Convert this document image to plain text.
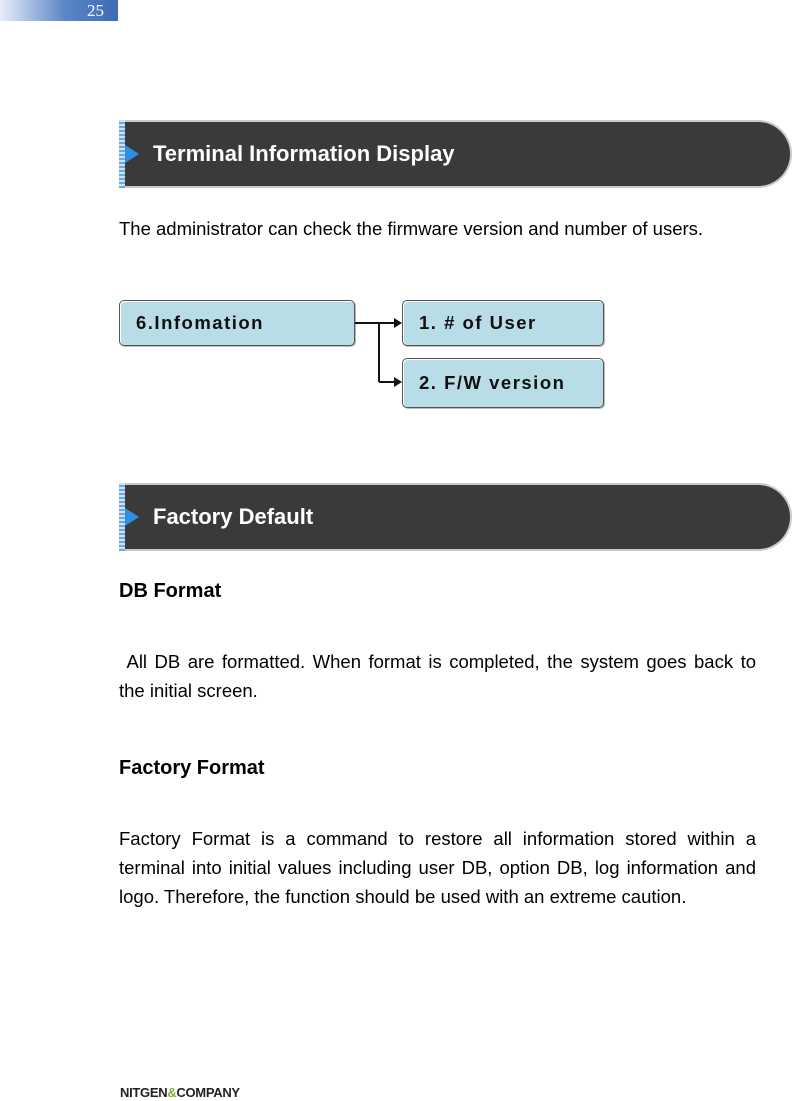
25
Terminal Information Display
The administrator can check the firmware version and number of users.
6.Infomation	1. # of User
2. F/W version
Factory Default
DB Format
All DB are formatted. When format is completed, the system goes back to the initial screen.
Factory Format
Factory Format is a command to restore all information stored within a terminal into initial values including user DB, option DB, log information and logo. Therefore, the function should be used with an extreme caution.
NITGEN&COMPANY
